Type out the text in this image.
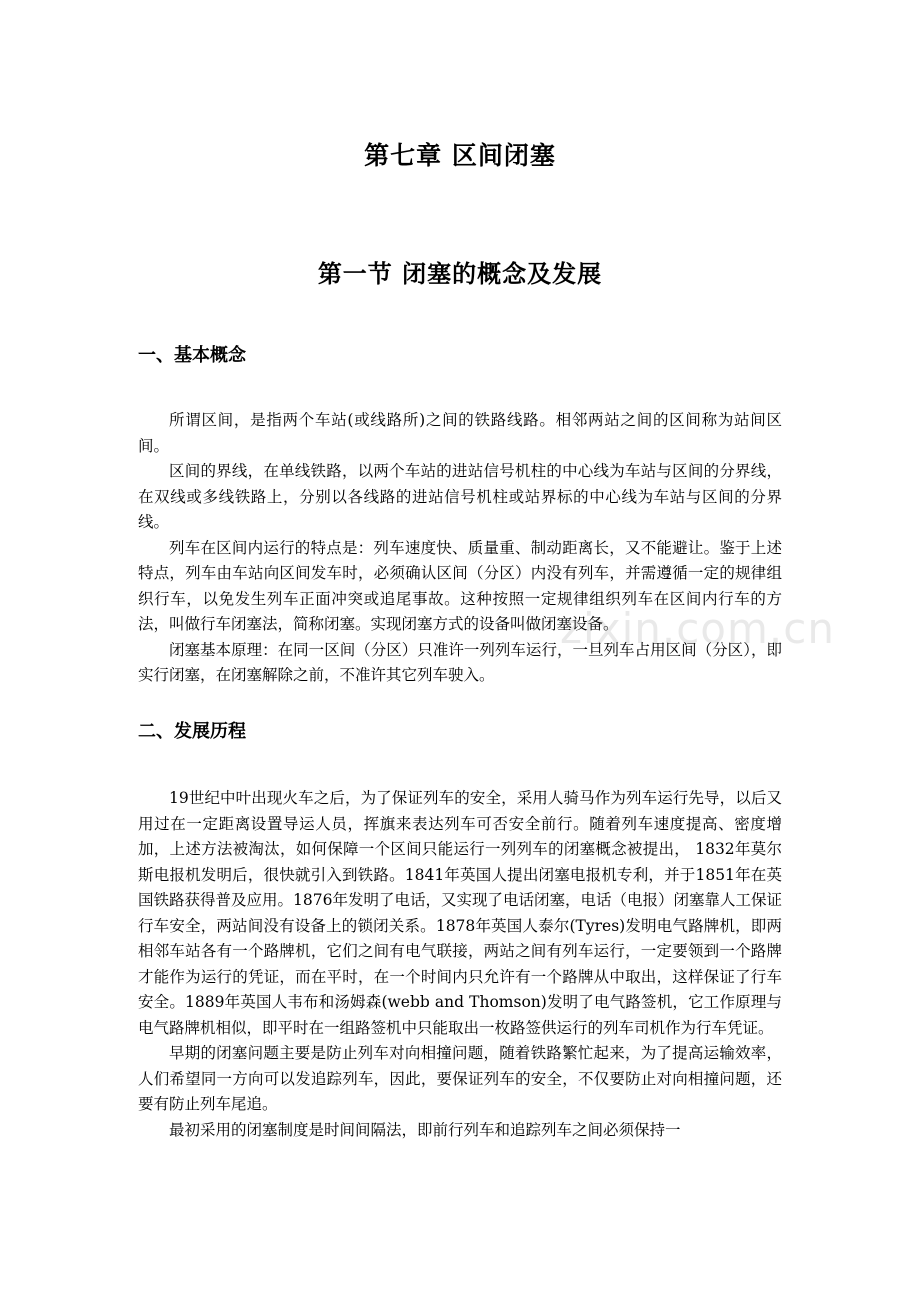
第七章 区间闭塞
第一节 闭塞的概念及发展
一、基本概念

所谓区间，是指两个车站(或线路所)之间的铁路线路。相邻两站之间的区间称为站间区间。

区间的界线，在单线铁路，以两个车站的进站信号机柱的中心线为车站与区间的分界线，在双线或多线铁路上，分别以各线路的进站信号机柱或站界标的中心线为车站与区间的分界线。

列车在区间内运行的特点是：列车速度快、质量重、制动距离长，又不能避让。鉴于上述特点，列车由车站向区间发车时，必须确认区间（分区）内没有列车，并需遵循一定的规律组织行车，以免发生列车正面冲突或追尾事故。这种按照一定规律组织列车在区间内行车的方法，叫做行车闭塞法，简称闭塞。实现闭塞方式的设备叫做闭塞设备。

闭塞基本原理：在同一区间（分区）只准许一列列车运行，一旦列车占用区间（分区），即实行闭塞，在闭塞解除之前，不准许其它列车驶入。

二、发展历程

19世纪中叶出现火车之后，为了保证列车的安全，采用人骑马作为列车运行先导，以后又用过在一定距离设置导运人员，挥旗来表达列车可否安全前行。随着列车速度提高、密度增加，上述方法被淘汰，如何保障一个区间只能运行一列列车的闭塞概念被提出， 1832年莫尔斯电报机发明后，很快就引入到铁路。1841年英国人提出闭塞电报机专利，并于1851年在英国铁路获得普及应用。1876年发明了电话，又实现了电话闭塞，电话（电报）闭塞靠人工保证行车安全，两站间没有设备上的锁闭关系。1878年英国人泰尔(Tyres)发明电气路牌机，即两相邻车站各有一个路牌机，它们之间有电气联接，两站之间有列车运行，一定要领到一个路牌才能作为运行的凭证，而在平时，在一个时间内只允许有一个路牌从中取出，这样保证了行车安全。1889年英国人韦布和汤姆森(webb and Thomson)发明了电气路签机，它工作原理与电气路牌机相似，即平时在一组路签机中只能取出一枚路签供运行的列车司机作为行车凭证。

早期的闭塞问题主要是防止列车对向相撞问题，随着铁路繁忙起来，为了提高运输效率，人们希望同一方向可以发追踪列车，因此，要保证列车的安全，不仅要防止对向相撞问题，还要有防止列车尾追。

最初采用的闭塞制度是时间间隔法，即前行列车和追踪列车之间必须保持一

zixin.com.cn
